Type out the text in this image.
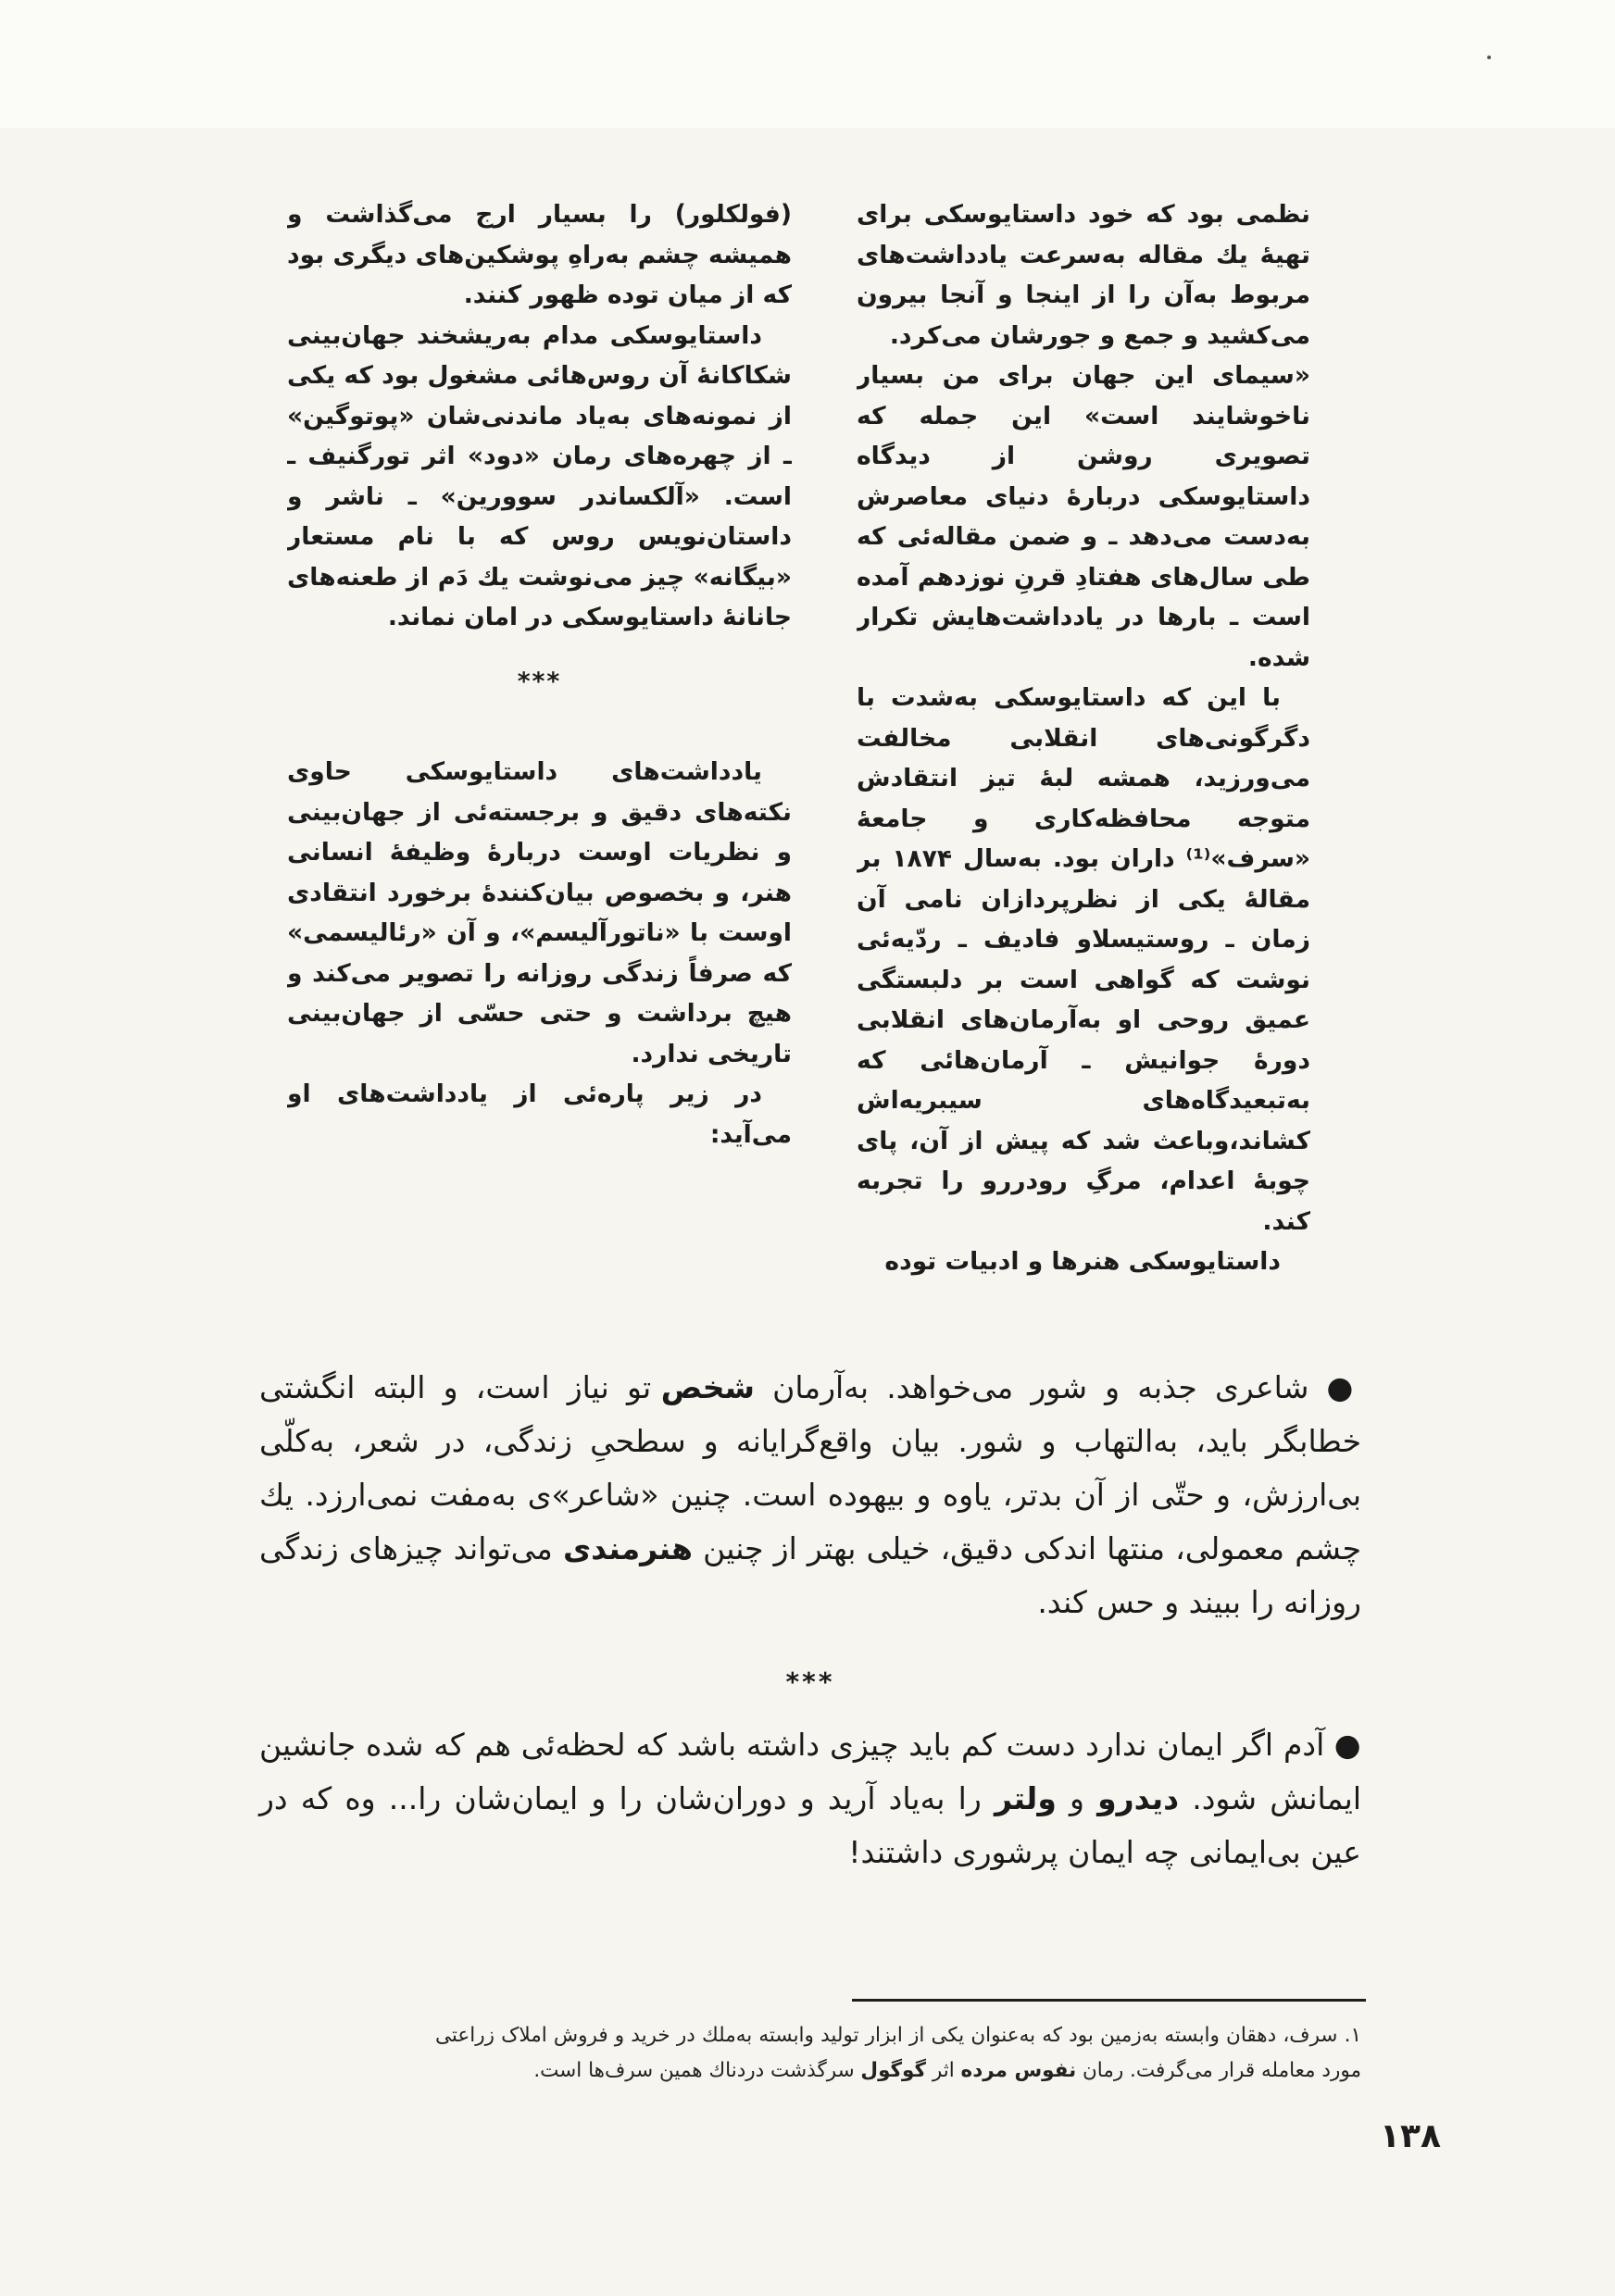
نظمی بود که خود داستایوسکی برای تهیهٔ یك مقاله به‌سرعت یادداشت‌های مربوط به‌آن را از اینجا و آنجا بیرون می‌کشید و جمع و جورشان می‌کرد.

«سیمای این جهان برای من بسیار ناخوشایند است» این جمله که تصویری روشن از دیدگاه داستایوسکی دربارهٔ دنیای معاصرش به‌دست می‌دهد ـ و ضمن مقاله‌ئی که طی سال‌های هفتادِ قرنِ نوزدهم آمده است ـ بارها در یادداشت‌هایش تکرار شده.

با این که داستایوسکی به‌شدت با دگرگونی‌های انقلابی مخالفت می‌ورزید، همشه لبهٔ تیز انتقادش متوجه محافظه‌کاری و جامعهٔ «سرف»⁽¹⁾ داران بود. به‌سال ۱۸۷۴ بر مقالهٔ یکی از نظرپردازان نامی آن زمان ـ روستیسلاو فادیف ـ ردّیه‌ئی نوشت که گواهی است بر دلبستگی عمیق روحی او به‌آرمان‌های انقلابی دورهٔ جوانیش ـ آرمان‌هائی که به‌تبعیدگاه‌های سیبریه‌اش کشاند،وباعث شد که پیش از آن، پای چوبهٔ اعدام، مرگِ رودررو را تجربه کند.

داستایوسکی هنرها و ادبیات توده

(فولکلور) را بسیار ارج می‌گذاشت و همیشه چشم به‌راهِ پوشکین‌های دیگری بود که از میان توده ظهور کنند.

داستایوسکی مدام به‌ریشخند جهان‌بینی شکاکانهٔ آن روس‌هائی مشغول بود که یکی از نمونه‌های به‌یاد ماندنی‌شان «پوتوگین» ـ از چهره‌های رمان «دود» اثر تورگنیف ـ است. «آلکساندر سوورین» ـ ناشر و داستان‌نویس روس که با نام مستعار «بیگانه» چیز می‌نوشت یك دَم از طعنه‌های جانانهٔ داستایوسکی در امان نماند.

***

یادداشت‌های داستایوسکی حاوی نکته‌های دقیق و برجسته‌ئی از جهان‌بینی و نظریات اوست دربارهٔ وظیفهٔ انسانی هنر، و بخصوص بیان‌کنندهٔ برخورد انتقادی اوست با «ناتورآلیسم»، و آن «رئالیسمی» که صرفاً زندگی روزانه را تصویر می‌کند و هیچ برداشت و حتی حسّی از جهان‌بینی تاریخی ندارد.

در زیر پاره‌ئی از یادداشت‌های او می‌آید:

● شاعری جذبه و شور می‌خواهد. به‌آرمان شخص تو نیاز است، و البته انگشتی خطابگر باید، به‌التهاب و شور. بیان واقع‌گرایانه و سطحیِ زندگی، در شعر، به‌کلّی بی‌ارزش، و حتّی از آن بدتر، یاوه و بیهوده است. چنین «شاعر»ی به‌مفت نمی‌ارزد. یك چشم معمولی، منتها اندکی دقیق، خیلی بهتر از چنین هنرمندی می‌تواند چیزهای زندگی روزانه را ببیند و حس کند.

***

● آدم اگر ایمان ندارد دست کم باید چیزی داشته باشد که لحظه‌ئی هم که شده جانشین ایمانش شود. دیدرو و ولتر را به‌یاد آرید و دوران‌شان را و ایمان‌شان را... وه که در عین بی‌ایمانی چه ایمان پرشوری داشتند!

۱. سرف، دهقان وابسته به‌زمین بود که به‌عنوان یکی از ابزار تولید وابسته به‌ملك در خرید و فروش املاک زراعتی مورد معامله قرار می‌گرفت. رمان نفوس مرده اثر گوگول سرگذشت دردناك همین سرف‌ها است.

۱۳۸
